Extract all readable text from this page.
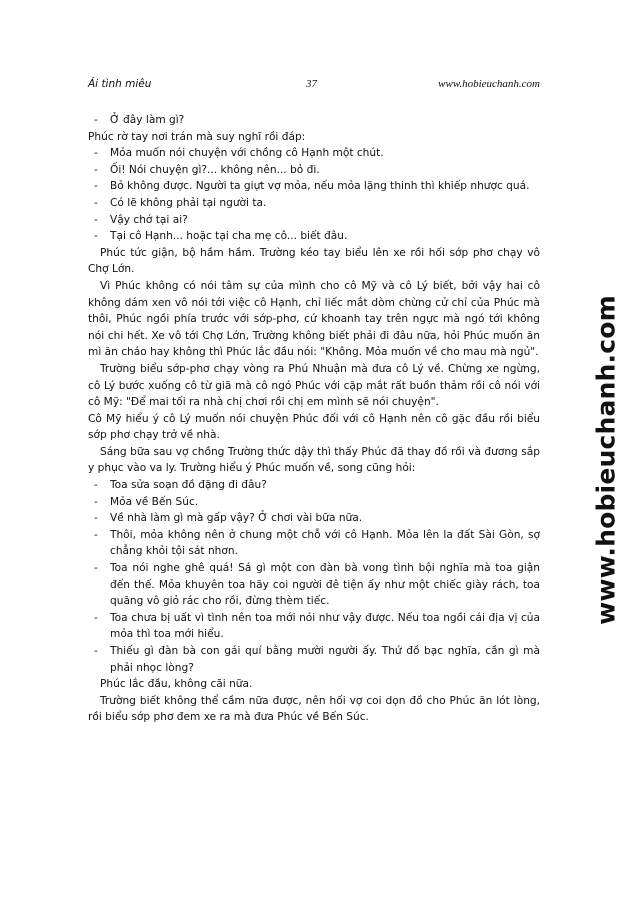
Ái tình miêu	37	www.hobieuchanh.com
- Ở đây làm gì?
Phúc rờ tay nơi trán mà suy nghĩ rồi đáp:
- Mỏa muốn nói chuyện với chồng cô Hạnh một chút.
- Ối! Nói chuyện gì?... không nên... bỏ đi.
- Bỏ không được. Người ta giựt vợ mỏa, nếu mỏa lặng thinh thì khiếp nhược quá.
- Có lẽ không phải tại người ta.
- Vậy chớ tại ai?
- Tại cô Hạnh... hoặc tại cha mẹ cô... biết đâu.
Phúc tức giận, bộ hầm hầm. Trường kéo tay biểu lên xe rồi hối sớp phơ chạy vô Chợ Lớn.
Vì Phúc không có nói tâm sự của mình cho cô Mỹ và cô Lý biết, bởi vậy hai cô không dám xen vô nói tới việc cô Hạnh, chỉ liếc mắt dòm chừng cử chỉ của Phúc mà thôi, Phúc ngồi phía trước với sớp-phơ, cứ khoanh tay trên ngực mà ngó tới không nói chi hết. Xe vô tới Chợ Lớn, Trường không biết phải đi đâu nữa, hỏi Phúc muốn ăn mì ăn cháo hay không thì Phúc lắc đầu nói: "Không. Mỏa muốn về cho mau mà ngủ".
Trường biểu sớp-phơ chạy vòng ra Phú Nhuận mà đưa cô Lý về. Chừng xe ngừng, cô Lý bước xuống cô từ giã mà cô ngó Phúc với cặp mắt rất buồn thảm rồi cô nói với cô Mỹ: "Để mai tối ra nhà chị chơi rồi chị em mình sẽ nói chuyện".
Cô Mỹ hiểu ý cô Lý muốn nói chuyện Phúc đối với cô Hạnh nên cô gặc đầu rồi biểu sớp phơ chạy trở về nhà.
Sáng bữa sau vợ chồng Trường thức dậy thì thấy Phúc đã thay đồ rồi và đương sắp y phục vào va ly. Trường hiểu ý Phúc muốn về, song cũng hỏi:
- Toa sửa soạn đồ đặng đi đâu?
- Mỏa về Bến Súc.
- Về nhà làm gì mà gấp vậy? Ở chơi vài bữa nữa.
- Thôi, mỏa không nên ở chung một chỗ với cô Hạnh. Mỏa lên la đất Sài Gòn, sợ chẳng khỏi tội sát nhơn.
- Toa nói nghe ghê quá! Sá gì một con đàn bà vong tình bội nghĩa mà toa giận đến thế. Mỏa khuyên toa hãy coi người đê tiện ấy như một chiếc giày rách, toa quăng vô giỏ rác cho rồi, đừng thèm tiếc.
- Toa chưa bị uất vì tình nên toa mới nói như vậy được. Nếu toa ngồi cái địa vị của mỏa thì toa mới hiểu.
- Thiếu gì đàn bà con gái quí bằng mười người ấy. Thứ đồ bạc nghĩa, cần gì mà phải nhọc lòng?
Phúc lắc đầu, không cãi nữa.
Trường biết không thể cầm nữa được, nên hối vợ coi dọn đồ cho Phúc ăn lót lòng, rồi biểu sớp phơ đem xe ra mà đưa Phúc về Bến Súc.
www.hobieuchanh.com
